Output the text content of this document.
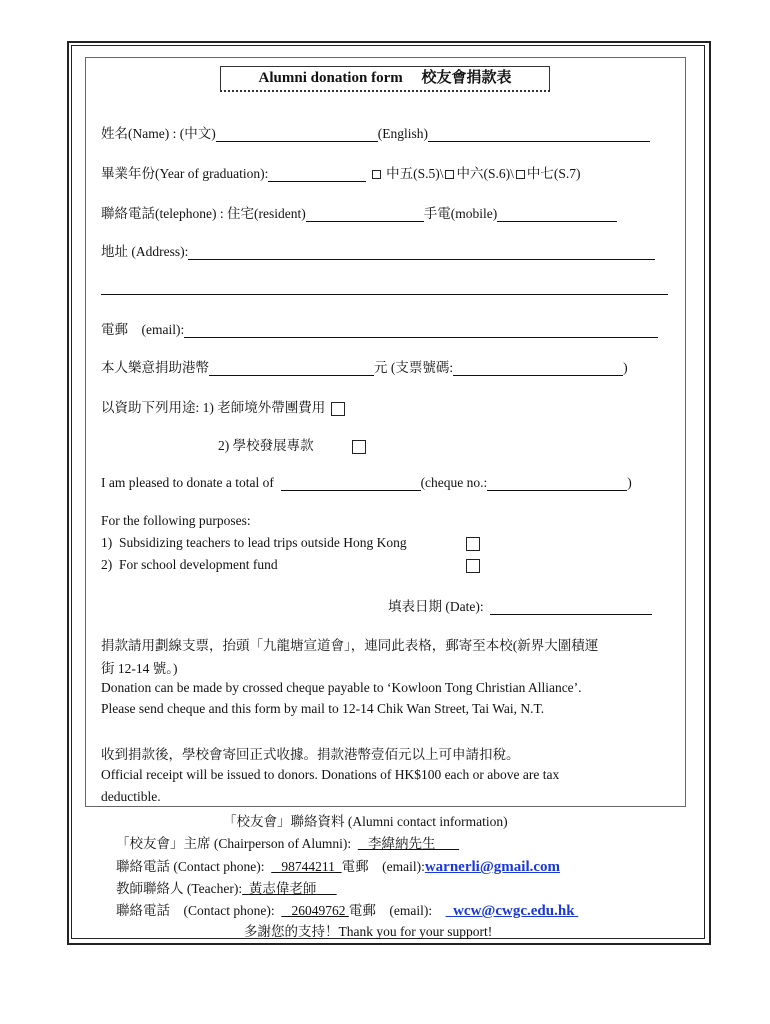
Alumni donation form　 校友會捐款表
姓名(Name) : (中文)	(English)
畢業年份(Year of graduation):	中五(S.5)\ 中六(S.6)\ 中七(S.7)
聯絡電話(telephone) : 住宅(resident)	手電(mobile)
地址 (Address):
電郵　(email):
本人樂意捐助港幣	元 (支票號碼:	)
以資助下列用途: 1) 老師境外帶團費用
2) 學校發展專款
I am pleased to donate a total of	(cheque no.:	)
For the following purposes:
1)  Subsidizing teachers to lead trips outside Hong Kong
2)  For school development fund
填表日期 (Date):
捐款請用劃線支票，抬頭「九龍塘宣道會」，連同此表格，郵寄至本校(新界大圍積運
街 12-14 號。)
Donation can be made by crossed cheque payable to ‘Kowloon Tong Christian Alliance’.
Please send cheque and this form by mail to 12-14 Chik Wan Street, Tai Wai, N.T.
收到捐款後，學校會寄回正式收據。捐款港幣壹佰元以上可申請扣稅。
Official receipt will be issued to donors. Donations of HK$100 each or above are tax
deductible.
「校友會」聯絡資料 (Alumni contact information)
「校友會」主席 (Chairperson of Alumni): 李緯納先生
聯絡電話 (Contact phone): 98744211 電郵　(email):warnerli@gmail.com
教師聯絡人 (Teacher): 黃志偉老師
聯絡電話　(Contact phone): 26049762 電郵　(email): wcw@cwgc.edu.hk
多謝您的支持！Thank you for your support!
